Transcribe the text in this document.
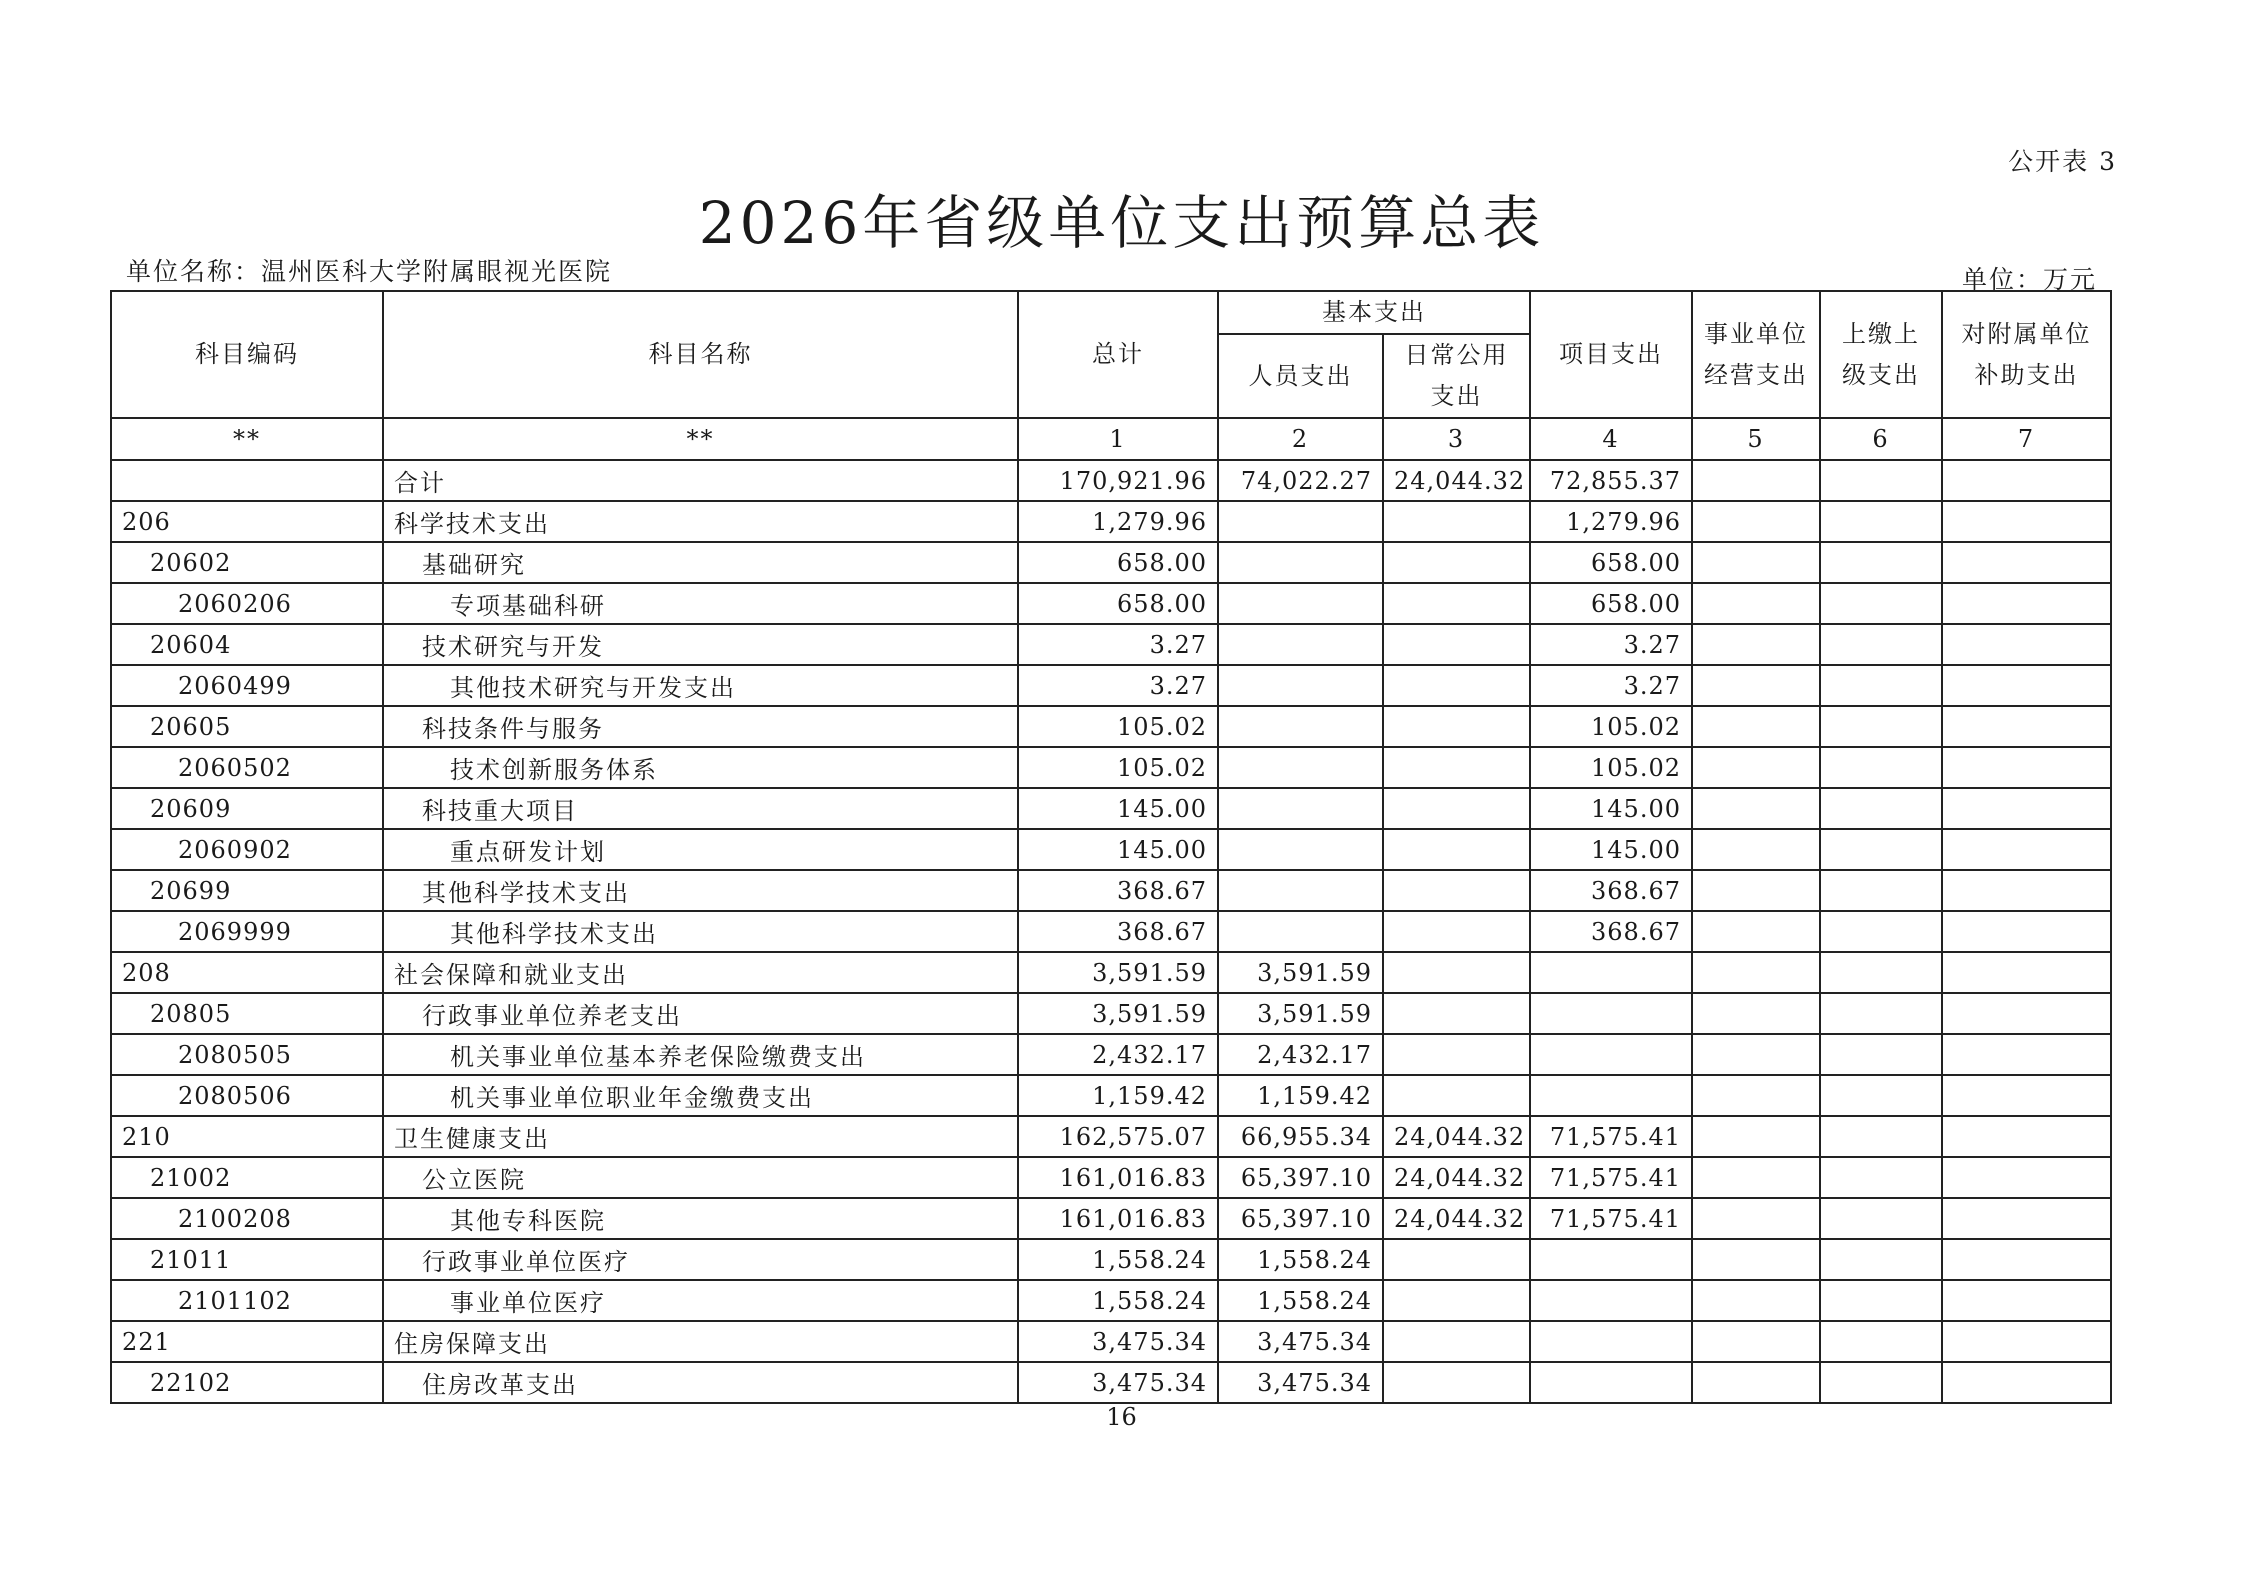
公开表 3
2026年省级单位支出预算总表
单位名称：温州医科大学附属眼视光医院	单位：万元
科目编码	科目名称	总计	基本支出		项目支出	事业单位经营支出	上缴上级支出	对附属单位补助支出
			人员支出	日常公用支出				
**	**	1	2	3	4	5	6	7
	合计	170,921.96	74,022.27	24,044.32	72,855.37			
206	科学技术支出	1,279.96			1,279.96			
20602	基础研究	658.00			658.00			
2060206	专项基础科研	658.00			658.00			
20604	技术研究与开发	3.27			3.27			
2060499	其他技术研究与开发支出	3.27			3.27			
20605	科技条件与服务	105.02			105.02			
2060502	技术创新服务体系	105.02			105.02			
20609	科技重大项目	145.00			145.00			
2060902	重点研发计划	145.00			145.00			
20699	其他科学技术支出	368.67			368.67			
2069999	其他科学技术支出	368.67			368.67			
208	社会保障和就业支出	3,591.59	3,591.59					
20805	行政事业单位养老支出	3,591.59	3,591.59					
2080505	机关事业单位基本养老保险缴费支出	2,432.17	2,432.17					
2080506	机关事业单位职业年金缴费支出	1,159.42	1,159.42					
210	卫生健康支出	162,575.07	66,955.34	24,044.32	71,575.41			
21002	公立医院	161,016.83	65,397.10	24,044.32	71,575.41			
2100208	其他专科医院	161,016.83	65,397.10	24,044.32	71,575.41			
21011	行政事业单位医疗	1,558.24	1,558.24					
2101102	事业单位医疗	1,558.24	1,558.24					
221	住房保障支出	3,475.34	3,475.34					
22102	住房改革支出	3,475.34	3,475.34					
16
